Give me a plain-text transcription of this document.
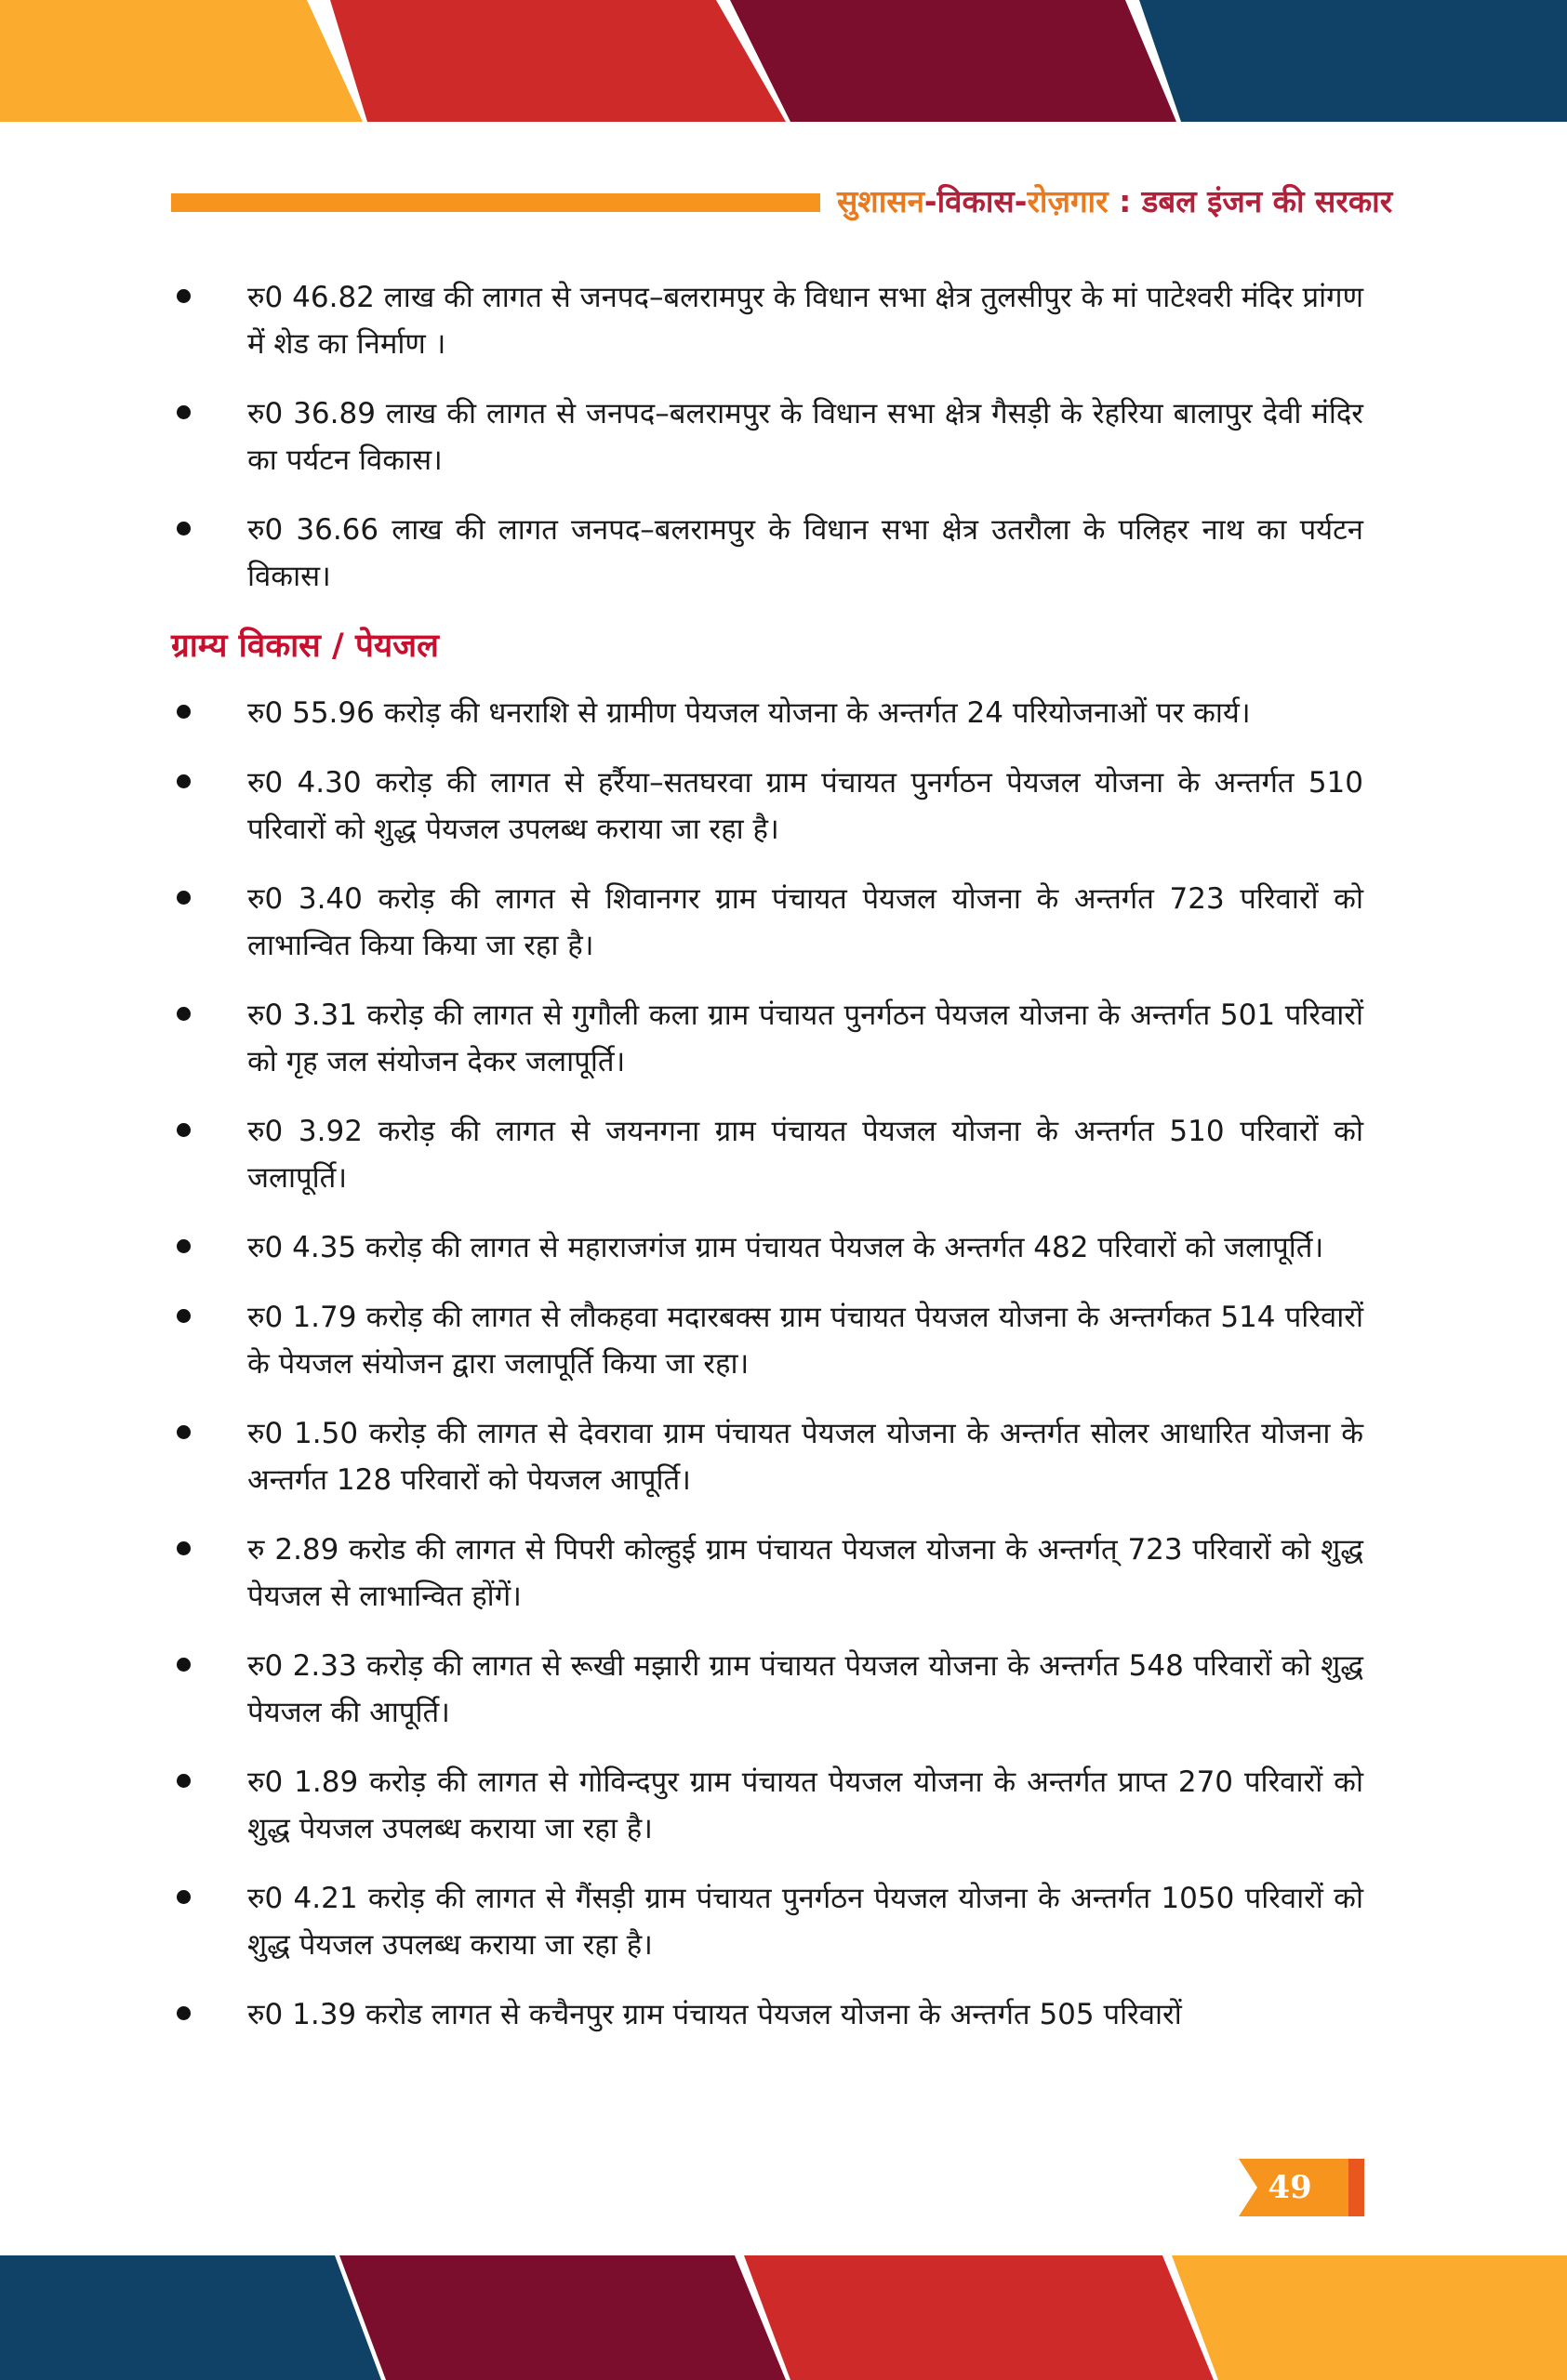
सुशासन-विकास-रोज़गार : डबल इंजन की सरकार
रु0 46.82 लाख की लागत से जनपद–बलरामपुर के विधान सभा क्षेत्र तुलसीपुर के मां पाटेश्वरी मंदिर प्रांगण में शेड का निर्माण ।
रु0 36.89 लाख की लागत से जनपद–बलरामपुर के विधान सभा क्षेत्र गैसड़ी के रेहरिया बालापुर देवी मंदिर का पर्यटन विकास।
रु0 36.66 लाख की लागत जनपद–बलरामपुर के विधान सभा क्षेत्र उतरौला के पलिहर नाथ का पर्यटन विकास।
ग्राम्य विकास / पेयजल
रु0 55.96 करोड़ की धनराशि से ग्रामीण पेयजल योजना के अन्तर्गत 24 परियोजनाओं पर कार्य।
रु0 4.30 करोड़ की लागत से हर्रैया–सतघरवा ग्राम पंचायत पुनर्गठन पेयजल योजना के अन्तर्गत 510 परिवारों को शुद्ध पेयजल उपलब्ध कराया जा रहा है।
रु0 3.40 करोड़ की लागत से शिवानगर ग्राम पंचायत पेयजल योजना के अन्तर्गत 723 परिवारों को लाभान्वित किया किया जा रहा है।
रु0 3.31 करोड़ की लागत से गुगौली कला ग्राम पंचायत पुनर्गठन पेयजल योजना के अन्तर्गत 501 परिवारों को गृह जल संयोजन देकर जलापूर्ति।
रु0 3.92 करोड़ की लागत से जयनगना ग्राम पंचायत पेयजल योजना के अन्तर्गत 510 परिवारों को जलापूर्ति।
रु0 4.35 करोड़ की लागत से महाराजगंज ग्राम पंचायत पेयजल के अन्तर्गत 482 परिवारों को जलापूर्ति।
रु0 1.79 करोड़ की लागत से लौकहवा मदारबक्स ग्राम पंचायत पेयजल योजना के अन्तर्गकत 514 परिवारों के पेयजल संयोजन द्वारा जलापूर्ति किया जा रहा।
रु0 1.50 करोड़ की लागत से देवरावा ग्राम पंचायत पेयजल योजना के अन्तर्गत सोलर आधारित योजना के अन्तर्गत 128 परिवारों को पेयजल आपूर्ति।
रु 2.89 करोड की लागत से पिपरी कोल्हुई ग्राम पंचायत पेयजल योजना के अन्तर्गत् 723 परिवारों को शुद्ध पेयजल से लाभान्वित होंगें।
रु0 2.33 करोड़ की लागत से रूखी मझारी ग्राम पंचायत पेयजल योजना के अन्तर्गत 548 परिवारों को शुद्ध पेयजल की आपूर्ति।
रु0 1.89 करोड़ की लागत से गोविन्दपुर ग्राम पंचायत पेयजल योजना के अन्तर्गत प्राप्त 270 परिवारों को शुद्ध पेयजल उपलब्ध कराया जा रहा है।
रु0 4.21 करोड़ की लागत से गैंसड़ी ग्राम पंचायत पुनर्गठन पेयजल योजना के अन्तर्गत 1050 परिवारों को शुद्ध पेयजल उपलब्ध कराया जा रहा है।
रु0 1.39 करोड लागत से कचैनपुर ग्राम पंचायत पेयजल योजना के अन्तर्गत 505 परिवारों
49
